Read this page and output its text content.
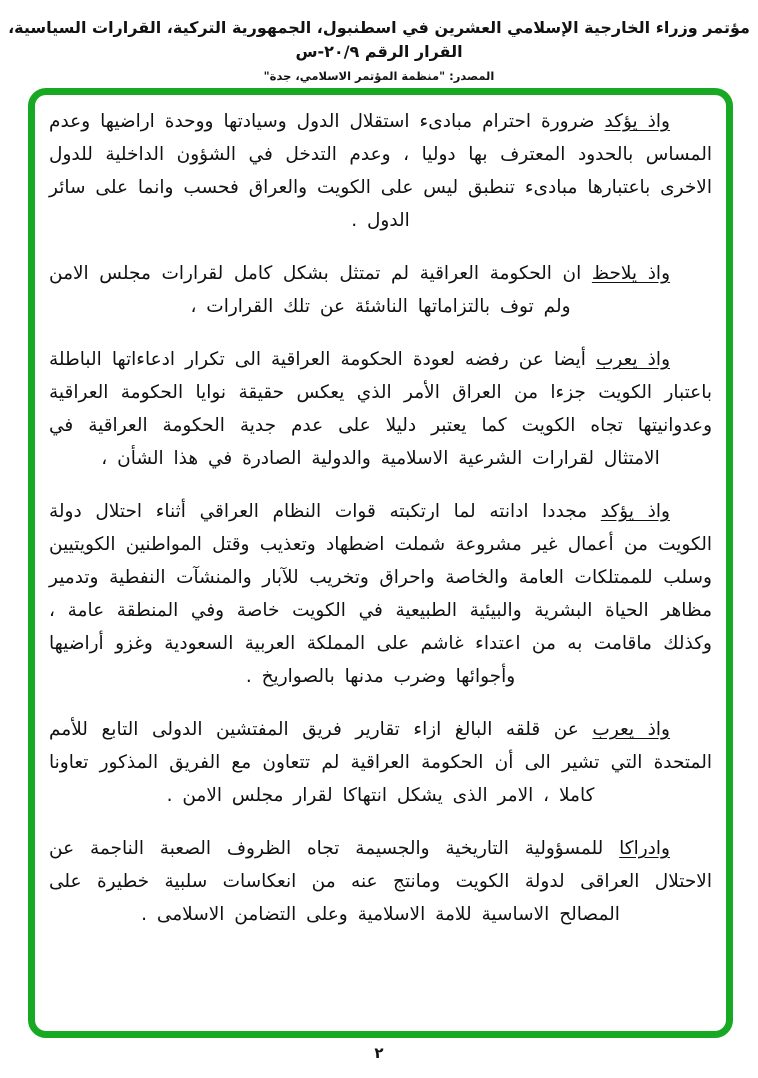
مؤتمر وزراء الخارجية الإسلامي العشرين في اسطنبول، الجمهورية التركية، القرارات السياسية، القرار الرقم ٢٠/٩-س
المصدر: "منظمة المؤتمر الاسلامي، جدة"

واذ يؤكد ضرورة احترام مبادىء استقلال الدول وسيادتها ووحدة اراضيها وعدم المساس بالحدود المعترف بها دوليا ، وعدم التدخل في الشؤون الداخلية للدول الاخرى باعتبارها مبادىء تنطبق ليس على الكويت والعراق فحسب وانما على سائر الدول .

واذ يلاحظ ان الحكومة العراقية لم تمتثل بشكل كامل لقرارات مجلس الامن ولم توف بالتزاماتها الناشئة عن تلك القرارات ،

واذ يعرب أيضا عن رفضه لعودة الحكومة العراقية الى تكرار ادعاءاتها الباطلة باعتبار الكويت جزءا من العراق الأمر الذي يعكس حقيقة نوايا الحكومة العراقية وعدوانيتها تجاه الكويت كما يعتبر دليلا على عدم جدية الحكومة العراقية في الامتثال لقرارات الشرعية الاسلامية والدولية الصادرة في هذا الشأن ،

واذ يؤكد مجددا ادانته لما ارتكبته قوات النظام العراقي أثناء احتلال دولة الكويت من أعمال غير مشروعة شملت اضطهاد وتعذيب وقتل المواطنين الكويتيين وسلب للممتلكات العامة والخاصة واحراق وتخريب للآبار والمنشآت النفطية وتدمير مظاهر الحياة البشرية والبيئية الطبيعية في الكويت خاصة وفي المنطقة عامة ، وكذلك ماقامت به من اعتداء غاشم على المملكة العربية السعودية وغزو أراضيها وأجوائها وضرب مدنها بالصواريخ .

واذ يعرب عن قلقه البالغ ازاء تقارير فريق المفتشين الدولى التابع للأمم المتحدة التي تشير الى أن الحكومة العراقية لم تتعاون مع الفريق المذكور تعاونا كاملا ، الامر الذى يشكل انتهاكا لقرار مجلس الامن .

وادراكا للمسؤولية التاريخية والجسيمة تجاه الظروف الصعبة الناجمة عن الاحتلال العراقى لدولة الكويت ومانتج عنه من انعكاسات سلبية خطيرة على المصالح الاساسية للامة الاسلامية وعلى التضامن الاسلامى .

٢
